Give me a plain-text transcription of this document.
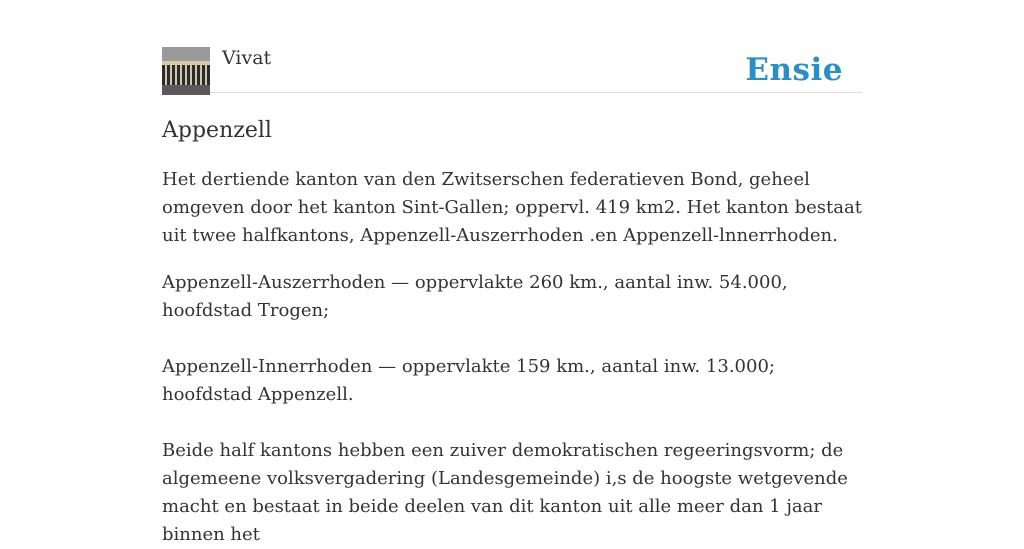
Vivat	Ensie
Appenzell

Het dertiende kanton van den Zwitserschen federatieven Bond, geheel omgeven door het kanton Sint-Gallen; oppervl. 419 km2. Het kanton bestaat uit twee halfkantons, Appenzell-Auszerrhoden .en Appenzell-lnnerrhoden.

Appenzell-Auszerrhoden — oppervlakte 260 km., aantal inw. 54.000, hoofdstad Trogen;

Appenzell-Innerrhoden — oppervlakte 159 km., aantal inw. 13.000; hoofdstad Appenzell.

Beide half kantons hebben een zuiver demokratischen regeeringsvorm; de algemeene volksvergadering (Landesgemeinde) i,s de hoogste wetgevende macht en bestaat in beide deelen van dit kanton uit alle meer dan 1 jaar binnen het
